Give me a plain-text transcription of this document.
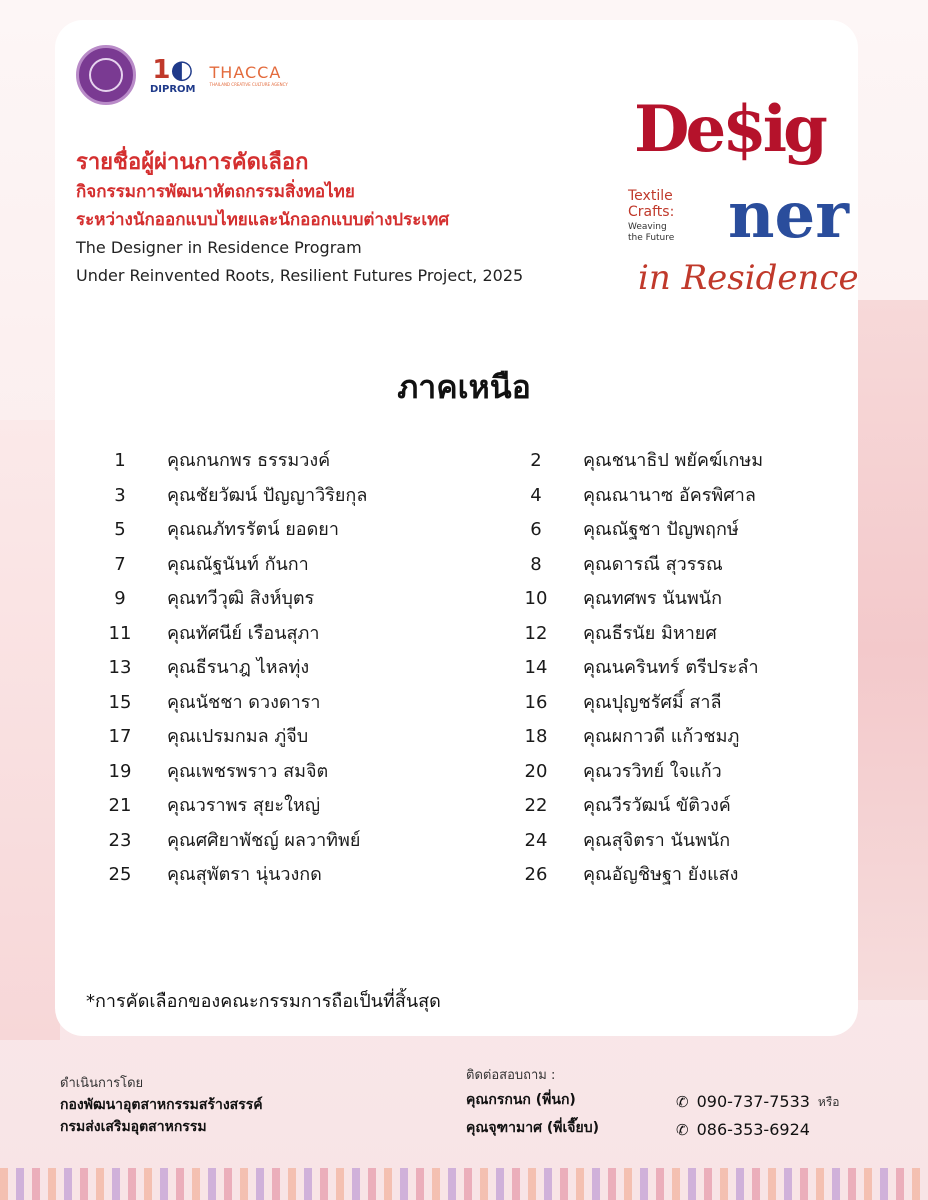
1◐
DIPROM
THACCA
THAILAND CREATIVE CULTURE AGENCY
รายชื่อผู้ผ่านการคัดเลือก
กิจกรรมการพัฒนาหัตถกรรมสิ่งทอไทย
ระหว่างนักออกแบบไทยและนักออกแบบต่างประเทศ
The Designer in Residence Program
Under Reinvented Roots, Resilient Futures Project, 2025
De$ig
ner
Textile
Crafts:
Weaving
the Future
in Residence
ภาคเหนือ
1	คุณกนกพร ธรรมวงค์	2	คุณชนาธิป พยัคฆ์เกษม
3	คุณชัยวัฒน์ ปัญญาวิริยกุล	4	คุณณานาซ อัครพิศาล
5	คุณณภัทรรัตน์ ยอดยา	6	คุณณัฐชา ปัญพฤกษ์
7	คุณณัฐนันท์ กันกา	8	คุณดารณี สุวรรณ
9	คุณทวีวุฒิ สิงห์บุตร	10	คุณทศพร นันพนัก
11	คุณทัศนีย์ เรือนสุภา	12	คุณธีรนัย มิหายศ
13	คุณธีรนาฎ ไหลทุ่ง	14	คุณนครินทร์ ตรีประลำ
15	คุณนัชชา ดวงดารา	16	คุณปุญชรัศมิ์ สาลี
17	คุณเปรมกมล ภู่จีบ	18	คุณผกาวดี แก้วชมภู
19	คุณเพชรพราว สมจิต	20	คุณวรวิทย์ ใจแก้ว
21	คุณวราพร สุยะใหญ่	22	คุณวีรวัฒน์ ขัติวงค์
23	คุณศศิยาพัชญ์ ผลวาทิพย์	24	คุณสุจิตรา นันพนัก
25	คุณสุพัตรา นุ่นวงกด	26	คุณอัญชิษฐา ยังแสง
*การคัดเลือกของคณะกรรมการถือเป็นที่สิ้นสุด
ดำเนินการโดย
กองพัฒนาอุตสาหกรรมสร้างสรรค์
กรมส่งเสริมอุตสาหกรรม
ติดต่อสอบถาม :
คุณกรกนก (พี่นก)
คุณจุฑามาศ (พี่เจี๊ยบ)
✆ 090-737-7533 หรือ
✆ 086-353-6924
